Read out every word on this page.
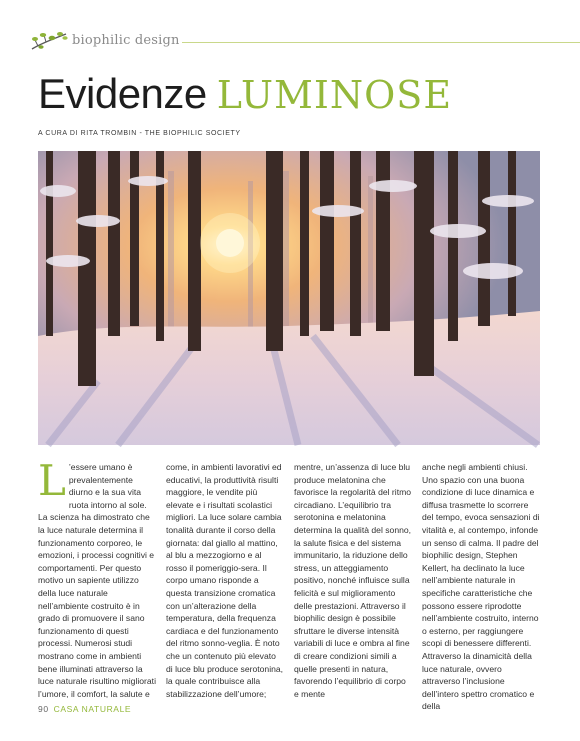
biophilic design
Evidenze LUMINOSE
A CURA DI RITA TROMBIN - THE BIOPHILIC SOCIETY
L ’essere umano è prevalentemente diurno e la sua vita ruota intorno al sole. La scienza ha dimostrato che la luce naturale determina il funzionamento corporeo, le emozioni, i processi cognitivi e comportamenti. Per questo motivo un sapiente utilizzo della luce naturale nell’ambiente costruito è in grado di promuovere il sano funzionamento di questi processi. Numerosi studi mostrano come in ambienti bene illuminati attraverso la luce naturale risultino migliorati l’umore, il comfort, la salute e

come, in ambienti lavorativi ed educativi, la produttività risulti maggiore, le vendite più elevate e i risultati scolastici migliori. La luce solare cambia tonalità durante il corso della giornata: dal giallo al mattino, al blu a mezzogiorno e al rosso il pomeriggio-sera. Il corpo umano risponde a questa transizione cromatica con un’alterazione della temperatura, della frequenza cardiaca e del funzionamento del ritmo sonno-veglia. È noto che un contenuto più elevato di luce blu produce serotonina, la quale contribuisce alla stabilizzazione dell’umore;

mentre, un’assenza di luce blu produce melatonina che favorisce la regolarità del ritmo circadiano. L’equilibrio tra serotonina e melatonina determina la qualità del sonno, la salute fisica e del sistema immunitario, la riduzione dello stress, un atteggiamento positivo, nonché influisce sulla felicità e sul miglioramento delle prestazioni. Attraverso il biophilic design è possibile sfruttare le diverse intensità variabili di luce e ombra al fine di creare condizioni simili a quelle presenti in natura, favorendo l’equilibrio di corpo e mente

anche negli ambienti chiusi. Uno spazio con una buona condizione di luce dinamica e diffusa trasmette lo scorrere del tempo, evoca sensazioni di vitalità e, al contempo, infonde un senso di calma. Il padre del biophilic design, Stephen Kellert, ha declinato la luce nell’ambiente naturale in specifiche caratteristiche che possono essere riprodotte nell’ambiente costruito, interno o esterno, per raggiungere scopi di benessere differenti. Attraverso la dinamicità della luce naturale, ovvero attraverso l’inclusione dell’intero spettro cromatico e della

90 CASA NATURALE
